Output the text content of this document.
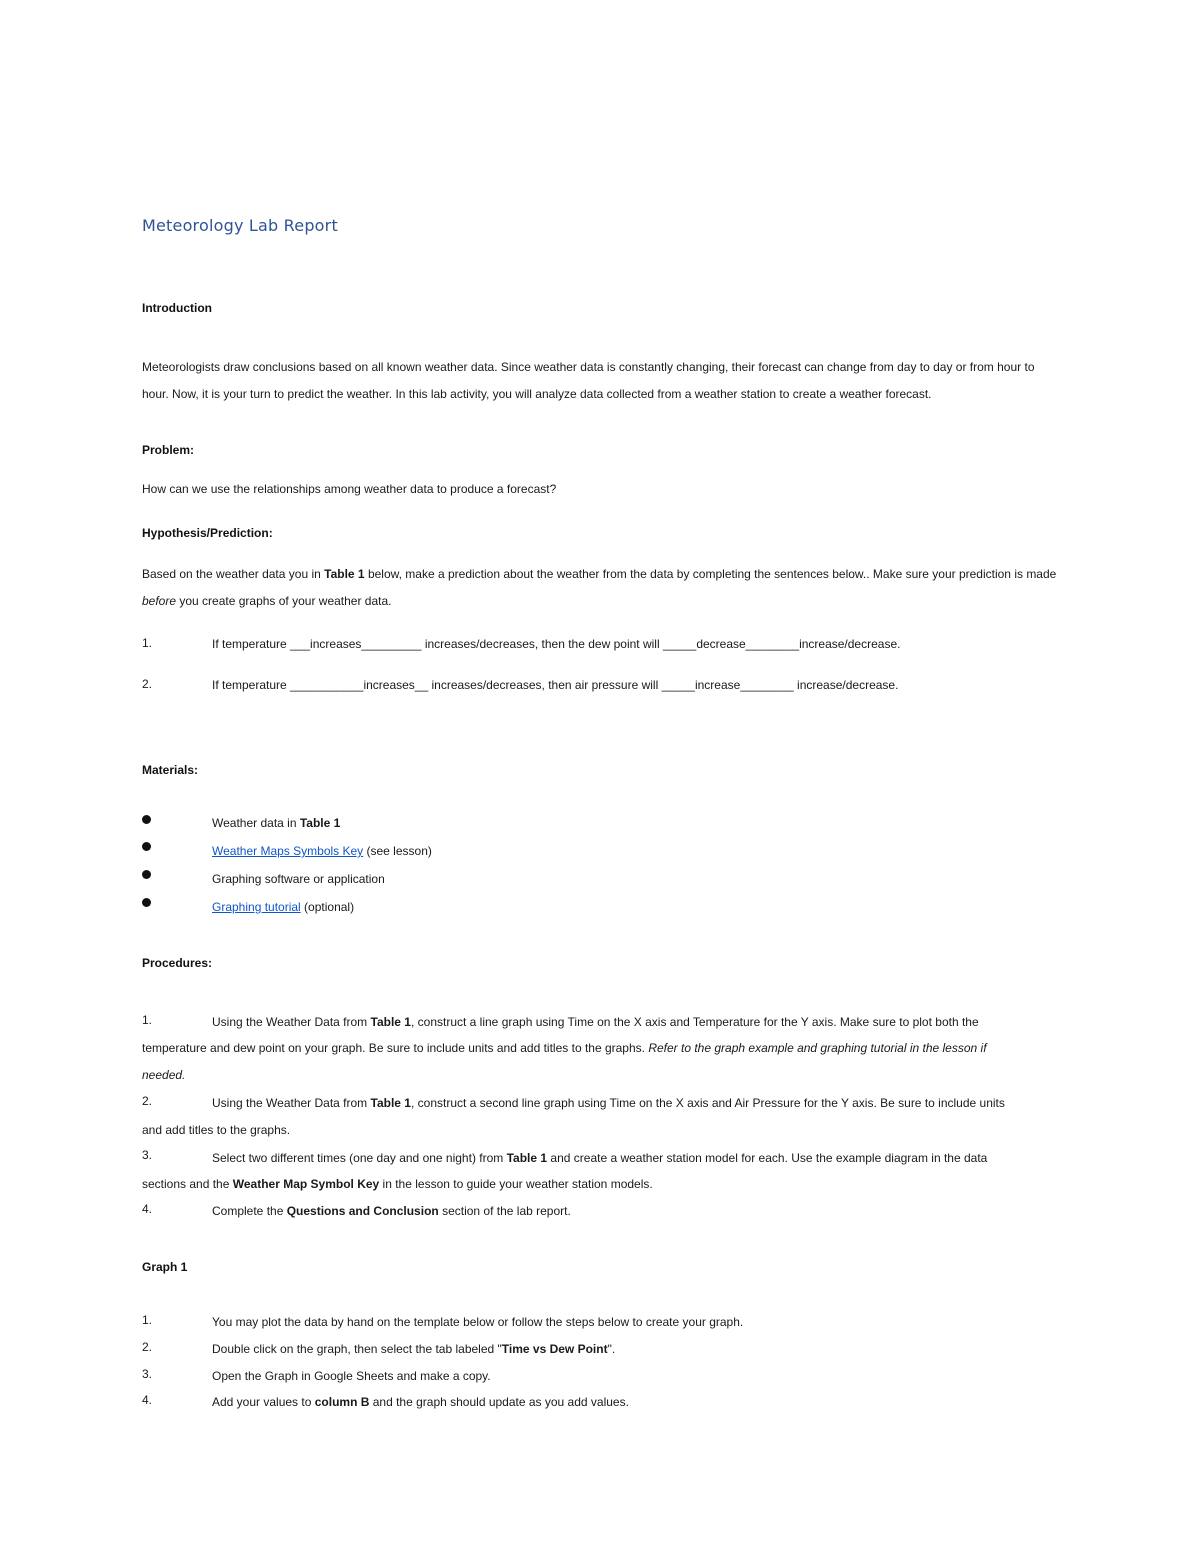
Meteorology Lab Report
Introduction
Meteorologists draw conclusions based on all known weather data. Since weather data is constantly changing, their forecast can change from day to day or from hour to hour. Now, it is your turn to predict the weather. In this lab activity, you will analyze data collected from a weather station to create a weather forecast.
Problem:
How can we use the relationships among weather data to produce a forecast?
Hypothesis/Prediction:
Based on the weather data you in Table 1 below, make a prediction about the weather from the data by completing the sentences below.. Make sure your prediction is made before you create graphs of your weather data.
1.	If temperature ___increases_________ increases/decreases, then the dew point will _____decrease________increase/decrease.
2.	If temperature ___________increases__ increases/decreases, then air pressure will _____increase________ increase/decrease.
Materials:
Weather data in Table 1
Weather Maps Symbols Key (see lesson)
Graphing software or application
Graphing tutorial (optional)
Procedures:
1.	Using the Weather Data from Table 1, construct a line graph using Time on the X axis and Temperature for the Y axis. Make sure to plot both the
temperature and dew point on your graph. Be sure to include units and add titles to the graphs. Refer to the graph example and graphing tutorial in the lesson if
needed.
2.	Using the Weather Data from Table 1, construct a second line graph using Time on the X axis and Air Pressure for the Y axis. Be sure to include units
and add titles to the graphs.
3.	Select two different times (one day and one night) from Table 1 and create a weather station model for each. Use the example diagram in the data
sections and the Weather Map Symbol Key in the lesson to guide your weather station models.
4.	Complete the Questions and Conclusion section of the lab report.
Graph 1
1.	You may plot the data by hand on the template below or follow the steps below to create your graph.
2.	Double click on the graph, then select the tab labeled "Time vs Dew Point".
3.	Open the Graph in Google Sheets and make a copy.
4.	Add your values to column B and the graph should update as you add values.
